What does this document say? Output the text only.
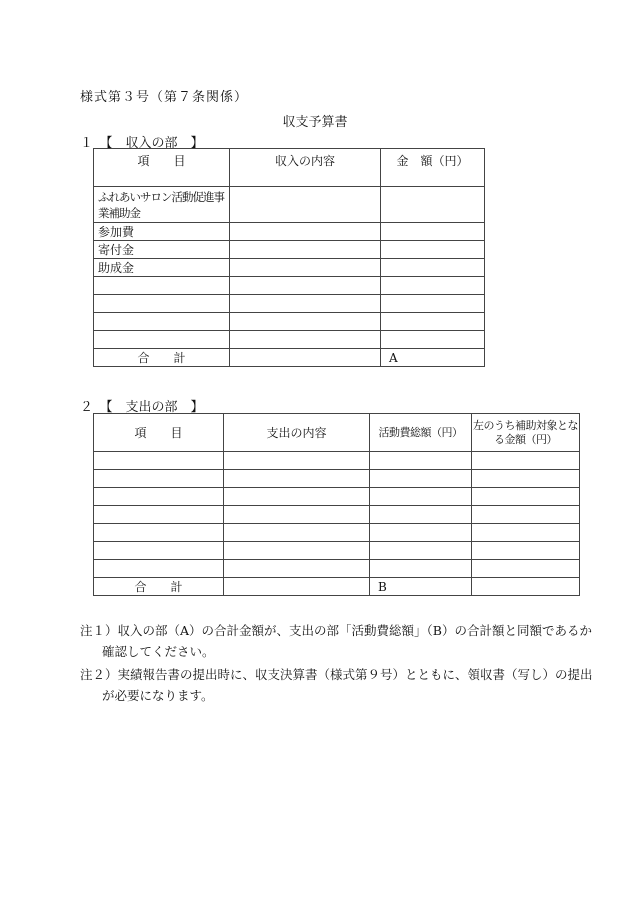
様式第３号（第７条関係）
収支予算書
１　【　収入の部　】
項　　目	収入の内容	金　額（円）
ふれあいサロン活動促進事業補助金		
参加費		
寄付金		
助成金		

合　　計		A
２　【　支出の部　】
項　　目	支出の内容	活動費総額（円）	左のうち補助対象となる金額（円）

合　　計		B	
注１）収入の部（A）の合計金額が、支出の部「活動費総額」（B）の合計額と同額であるか確認してください。
注２）実績報告書の提出時に、収支決算書（様式第９号）とともに、領収書（写し）の提出が必要になります。
